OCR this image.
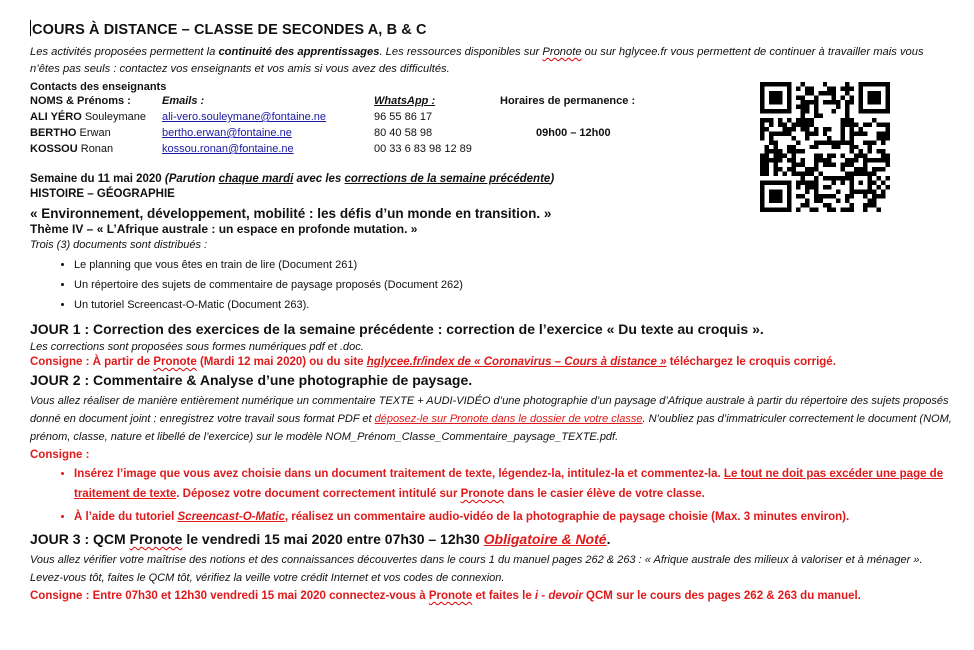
COURS À DISTANCE – CLASSE DE SECONDES A, B & C

Les activités proposées permettent la continuité des apprentissages. Les ressources disponibles sur Pronote ou sur hglycee.fr vous permettent de continuer à travailler mais vous n’êtes pas seuls : contactez vos enseignants et vos amis si vous avez des difficultés.

Contacts des enseignants
NOMS & Prénoms :	Emails :	WhatsApp :	Horaires de permanence :
ALI YÉRO Souleymane	ali-vero.souleymane@fontaine.ne	96 55 86 17	
BERTHO Erwan	bertho.erwan@fontaine.ne	80 40 58 98	09h00 – 12h00
KOSSOU Ronan	kossou.ronan@fontaine.ne	00 33 6 83 98 12 89	
Semaine du 11 mai 2020 (Parution chaque mardi avec les corrections de la semaine précédente)
HISTOIRE – GÉOGRAPHIE
« Environnement, développement, mobilité : les défis d’un monde en transition. »
Thème IV – « L’Afrique australe : un espace en profonde mutation. »
Trois (3) documents sont distribués :
• Le planning que vous êtes en train de lire (Document 261)
• Un répertoire des sujets de commentaire de paysage proposés (Document 262)
• Un tutoriel Screencast-O-Matic (Document 263).
JOUR 1 : Correction des exercices de la semaine précédente : correction de l’exercice « Du texte au croquis ».
Les corrections sont proposées sous formes numériques pdf et .doc.
Consigne : À partir de Pronote (Mardi 12 mai 2020) ou du site hglycee.fr/index de « Coronavirus – Cours à distance » téléchargez le croquis corrigé.
JOUR 2 : Commentaire & Analyse d’une photographie de paysage.
Vous allez réaliser de manière entièrement numérique un commentaire TEXTE + AUDI-VIDÉO d’une photographie d’un paysage d’Afrique australe à partir du répertoire des sujets proposés donné en document joint : enregistrez votre travail sous format PDF et déposez-le sur Pronote dans le dossier de votre classe. N’oubliez pas d’immatriculer correctement le document (NOM, prénom, classe, nature et libellé de l’exercice) sur le modèle NOM_Prénom_Classe_Commentaire_paysage_TEXTE.pdf.
Consigne :
• Insérez l’image que vous avez choisie dans un document traitement de texte, légendez-la, intitulez-la et commentez-la. Le tout ne doit pas excéder une page de traitement de texte. Déposez votre document correctement intitulé sur Pronote dans le casier élève de votre classe.
• À l’aide du tutoriel Screencast-O-Matic, réalisez un commentaire audio-vidéo de la photographie de paysage choisie (Max. 3 minutes environ).
JOUR 3 : QCM Pronote le vendredi 15 mai 2020 entre 07h30 – 12h30 Obligatoire & Noté.
Vous allez vérifier votre maîtrise des notions et des connaissances découvertes dans le cours 1 du manuel pages 262 & 263 : « Afrique australe des milieux à valoriser et à ménager ». Levez-vous tôt, faites le QCM tôt, vérifiez la veille votre crédit Internet et vos codes de connexion.
Consigne : Entre 07h30 et 12h30 vendredi 15 mai 2020 connectez-vous à Pronote et faites le i - devoir QCM sur le cours des pages 262 & 263 du manuel.
